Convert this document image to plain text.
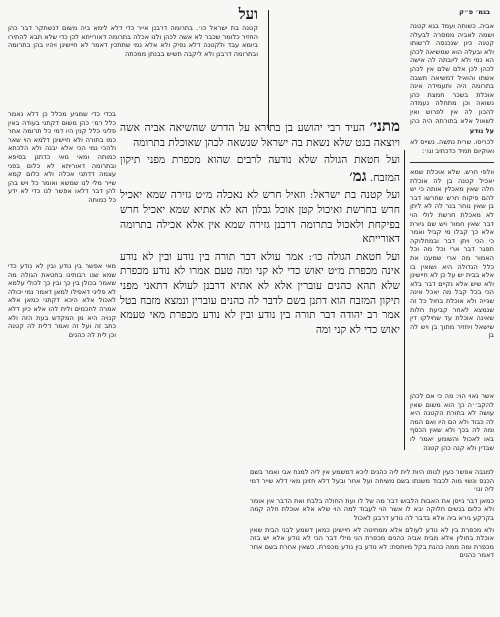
ועל	בגמ׳ פ״ק
קטנה בת ישראל כו׳. בתרומה דרבנן אייר כדי דלא לימא ביה משום דנשתקר דבר כהן החזיר כלומר שכבר לא אשה לכהן ולנו אכלה בתרומה דאורייתא לכן כדי שלא תבא להתירו ביומא עבד ולקטנה דלא נפיק ולא אלא נמי שתתכין דאמר לא חיישינן ויהיו בהן בתרומה ובתרומה דרבנן ולא ליקבה תשיש בבנתן ממכתה
בכדי כדי שמגיע מכלל כן דלא נאמר כלל רמ׳ כהן משום דקתני בעודה באין פליגי כלל קנין היו דמי כל תרומה אחר כמו בתורה ולא חיישינן דלמא הוי שאר ולהכי נמי הכי אלא יבנה ולא הלכתא כמותה ומאי מאי כדתנן בסיפא ובתרומה דאוריתא לא כלום בפני עצמה דדתני אכלה ולא כלום קמא שייר מלי לנו שמשא ואומר כל ויש בהן להן דבר דלאו אפשר לנו כדי לא ידע כל כמותה
מאי אפשר בין נודע ובין לא נודע כדי שמא שנו רבותינו בחטאת הגולה מה שאמר בכולן בין כך ובין כך לכולי עלמא לא פליגי דאפילו למאן דאמר נמי יכולה לאכול אלא היכא דקתני כמאן אלא אמרה לחכמים ולית להו אלא כיון דלא קנויה היא מן המקדש בעת הזה ולא כתב זה ועל זה ואמר דלית לה קטנה וכן לית לה כהנים

מתני׳ העיד רבי יהושע בן בתירא על הדרש שהשיאה אביה אשה ויוצאה בגט שלא נשאת בה ישראל שנשאה לכהן שאוכלת בתרומה

ועל חטאת הגולה שלא נודעה לרבים שהוא מכפרת מפני תיקון המזבח. גמ׳

ועל קטנה בת ישראל: וזאיל חרש לא נאכלה מ״ט גזירה שמא יאכיל חרש בחרשת ואיכול קטן אוכל גבלון הא לא אתיא שמא יאכיל חרש בפיקחת ולאכול בתרומה דרבנן גזירה שמא אין אלא אכילה בתרומה דאורייתא

ועל חטאת הגולה כו׳: אמר עולא דבר תורה בין נודע ובין לא נודע אינה מכפרת מ״ט יאוש כדי לא קני ומה טעם אמרו לא נודע מכפרת שלא תהא כהנים עוברין אלא לא אתיא דרבנן לעולא דתאני מפני תיקון המזבח הוא דתנן בשם לדבר לה כהנים עוברין ונמצא מזבח בטל אמר רב יהודה דבר תורה בין נודע ובין לא נודע מכפרת מאי טעמא יאוש כדי לא קני ומה

אביה. כשותה ועמד בגא קטנה ושמה לאביה ממסרה לבעלה קטנה כיון שנכנסה לרשותו ולא ובעלה הוא שמשיאה לכהן הא נמי ולא ליובתה לה אישה לכהן לכן אלם שלם אין לכהן אשתו והואיל דמשיאה תשבה בתרומה היה ותעמידה אינה אוכלת בשכר חמצת כהן נשואה וכן מתחלה נעמדה להכון לה אין לפרוש ואין לשאול אלא בתורתה היה כהן
על נודע
לכריסו. שרית נתשה. נשייס לא ואוקיום תמיד כדכתיב וגו׳:
וולפי חרש. שלא אוכלת שמא יאכיל קטנה בן לה אוכלת חלה שאין מאכלין אותה כי יש להם פיקוח חרש שחרשו דבר בן שאין נוחר בנר לה לא ליתן לא מאכלת חרשת לולי הוי דבר שאין חמור ויש שם גיורת אלא כך קבלו מי קביל ואמר כי הכי ויתן דבר ובמחלוקה תפגר דבר ארי וכל מה וכל האמור מה ארי שמענו את כלל הגדולה היא ושואין בו אלא בבית יש על כן לא חיישינן ולא שיש אלא נקיים דבר בלא הכי בכל קבל מה יאכל אינה שנייה ולא אוכלת בחול כל זה שנמצא לאחר קביעת חלות שאינה אוכלת עד שחילקו דין שישאל ויחזיר מתוך בן ויש לה בן
אשר נאוי הוי: מה כי אם לכהן להקב׳׳ה כך הוא משום שאין עושה לא בתורת הקטנה היא לה כבוד ולא הם היו ואם המה ומה לה בכך ולא שאין הכסף באו לאכול והשומע יאמר לו שבדין ולא קנה כהן קטנה

למגבה אפשר כעין לנותו היות לית ליה כהנים ליכא דמשמע אין ליה למנח אבי ואמר בשם הכנס ונשוי מוה לכבוד משנתו בשם משיחה ועל אחר ובעל דלא חזינן מאי דלא שייר דמי ליה וגו׳

כמאן דבר גייסן את האבות הלבוש דבר מה של לו ועת החולה בלבת ואת הדבר אין אומר ולא כלום בנשים חלוקה יבא לו אשר הוי לעבוד למה הוי שלא אלא אוכלת חלה קמה בקרקע גירא ביה אלא בדבר לה נודע דרבנן לאכול

ולא מכפרת בין לא נודע לעולם אלא ממחיטה לא חיישינן כמאן דשמע לבני הבית שאין אוכלת בחולין אלא מבית אביה כהנים מכפרת הני מילי דבר הכי לא נודע אלא יש בזה מכפרת ומה ממה כהנת בקל מיוחסת: לא נודע בין נודע מכפרת. כשאין אחרת בשם אחר דאמר כהנים
